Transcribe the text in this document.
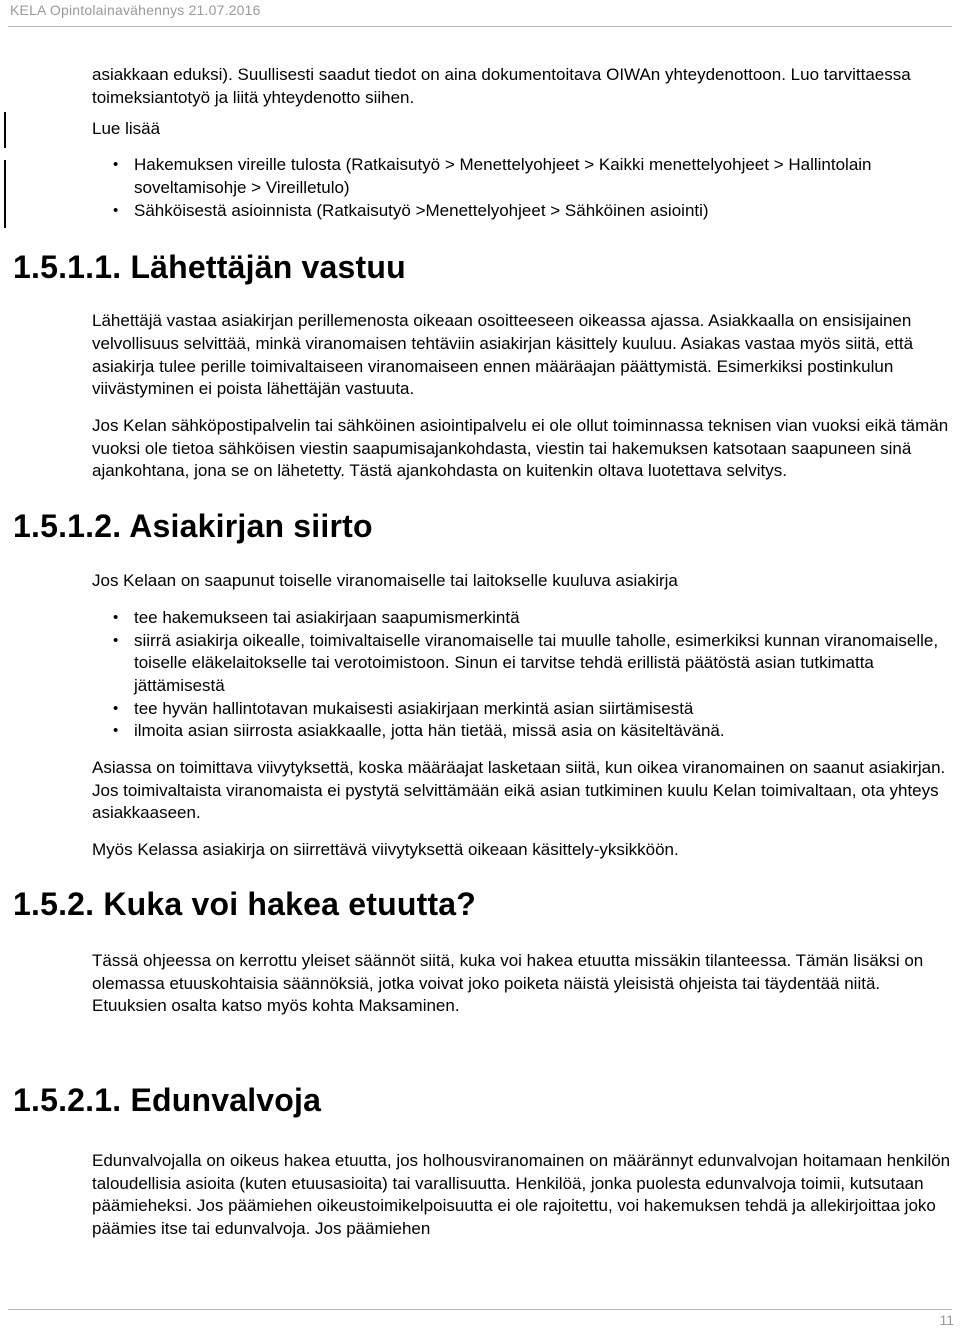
KELA Opintolainavähennys 21.07.2016

asiakkaan eduksi). Suullisesti saadut tiedot on aina dokumentoitava OIWAn yhteydenottoon. Luo tarvittaessa toimeksiantotyö ja liitä yhteydenotto siihen.

Lue lisää

• Hakemuksen vireille tulosta (Ratkaisutyö > Menettelyohjeet > Kaikki menettelyohjeet > Hallintolain soveltamisohje > Vireilletulo)
• Sähköisestä asioinnista (Ratkaisutyö >Menettelyohjeet > Sähköinen asiointi)
1.5.1.1. Lähettäjän vastuu

Lähettäjä vastaa asiakirjan perillemenosta oikeaan osoitteeseen oikeassa ajassa. Asiakkaalla on ensisijainen velvollisuus selvittää, minkä viranomaisen tehtäviin asiakirjan käsittely kuuluu. Asiakas vastaa myös siitä, että asiakirja tulee perille toimivaltaiseen viranomaiseen ennen määräajan päättymistä. Esimerkiksi postinkulun viivästyminen ei poista lähettäjän vastuuta.

Jos Kelan sähköpostipalvelin tai sähköinen asiointipalvelu ei ole ollut toiminnassa teknisen vian vuoksi eikä tämän vuoksi ole tietoa sähköisen viestin saapumisajankohdasta, viestin tai hakemuksen katsotaan saapuneen sinä ajankohtana, jona se on lähetetty. Tästä ajankohdasta on kuitenkin oltava luotettava selvitys.

1.5.1.2. Asiakirjan siirto

Jos Kelaan on saapunut toiselle viranomaiselle tai laitokselle kuuluva asiakirja

• tee hakemukseen tai asiakirjaan saapumismerkintä
• siirrä asiakirja oikealle, toimivaltaiselle viranomaiselle tai muulle taholle, esimerkiksi kunnan viranomaiselle, toiselle eläkelaitokselle tai verotoimistoon. Sinun ei tarvitse tehdä erillistä päätöstä asian tutkimatta jättämisestä
• tee hyvän hallintotavan mukaisesti asiakirjaan merkintä asian siirtämisestä
• ilmoita asian siirrosta asiakkaalle, jotta hän tietää, missä asia on käsiteltävänä.

Asiassa on toimittava viivytyksettä, koska määräajat lasketaan siitä, kun oikea viranomainen on saanut asiakirjan. Jos toimivaltaista viranomaista ei pystytä selvittämään eikä asian tutkiminen kuulu Kelan toimivaltaan, ota yhteys asiakkaaseen.

Myös Kelassa asiakirja on siirrettävä viivytyksettä oikeaan käsittely-yksikköön.

1.5.2. Kuka voi hakea etuutta?

Tässä ohjeessa on kerrottu yleiset säännöt siitä, kuka voi hakea etuutta missäkin tilanteessa. Tämän lisäksi on olemassa etuuskohtaisia säännöksiä, jotka voivat joko poiketa näistä yleisistä ohjeista tai täydentää niitä. Etuuksien osalta katso myös kohta Maksaminen.

1.5.2.1. Edunvalvoja

Edunvalvojalla on oikeus hakea etuutta, jos holhousviranomainen on määrännyt edunvalvojan hoitamaan henkilön taloudellisia asioita (kuten etuusasioita) tai varallisuutta. Henkilöä, jonka puolesta edunvalvoja toimii, kutsutaan päämieheksi. Jos päämiehen oikeustoimikelpoisuutta ei ole rajoitettu, voi hakemuksen tehdä ja allekirjoittaa joko päämies itse tai edunvalvoja. Jos päämiehen

11
